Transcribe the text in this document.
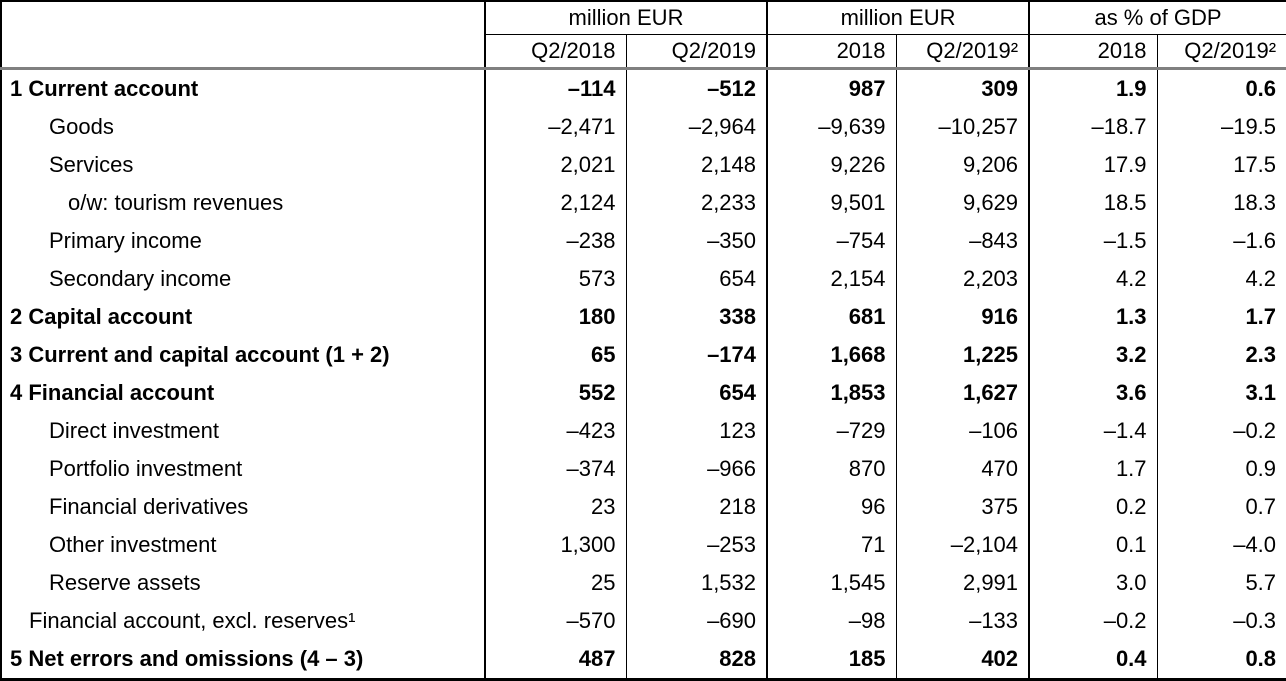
	million EUR		million EUR		as % of GDP	
	Q2/2018	Q2/2019	2018	Q2/2019²	2018	Q2/2019²
1 Current account	–114	–512	987	309	1.9	0.6
Goods	–2,471	–2,964	–9,639	–10,257	–18.7	–19.5
Services	2,021	2,148	9,226	9,206	17.9	17.5
o/w: tourism revenues	2,124	2,233	9,501	9,629	18.5	18.3
Primary income	–238	–350	–754	–843	–1.5	–1.6
Secondary income	573	654	2,154	2,203	4.2	4.2
2 Capital account	180	338	681	916	1.3	1.7
3 Current and capital account (1 + 2)	65	–174	1,668	1,225	3.2	2.3
4 Financial account	552	654	1,853	1,627	3.6	3.1
Direct investment	–423	123	–729	–106	–1.4	–0.2
Portfolio investment	–374	–966	870	470	1.7	0.9
Financial derivatives	23	218	96	375	0.2	0.7
Other investment	1,300	–253	71	–2,104	0.1	–4.0
Reserve assets	25	1,532	1,545	2,991	3.0	5.7
Financial account, excl. reserves¹	–570	–690	–98	–133	–0.2	–0.3
5 Net errors and omissions (4 – 3)	487	828	185	402	0.4	0.8
